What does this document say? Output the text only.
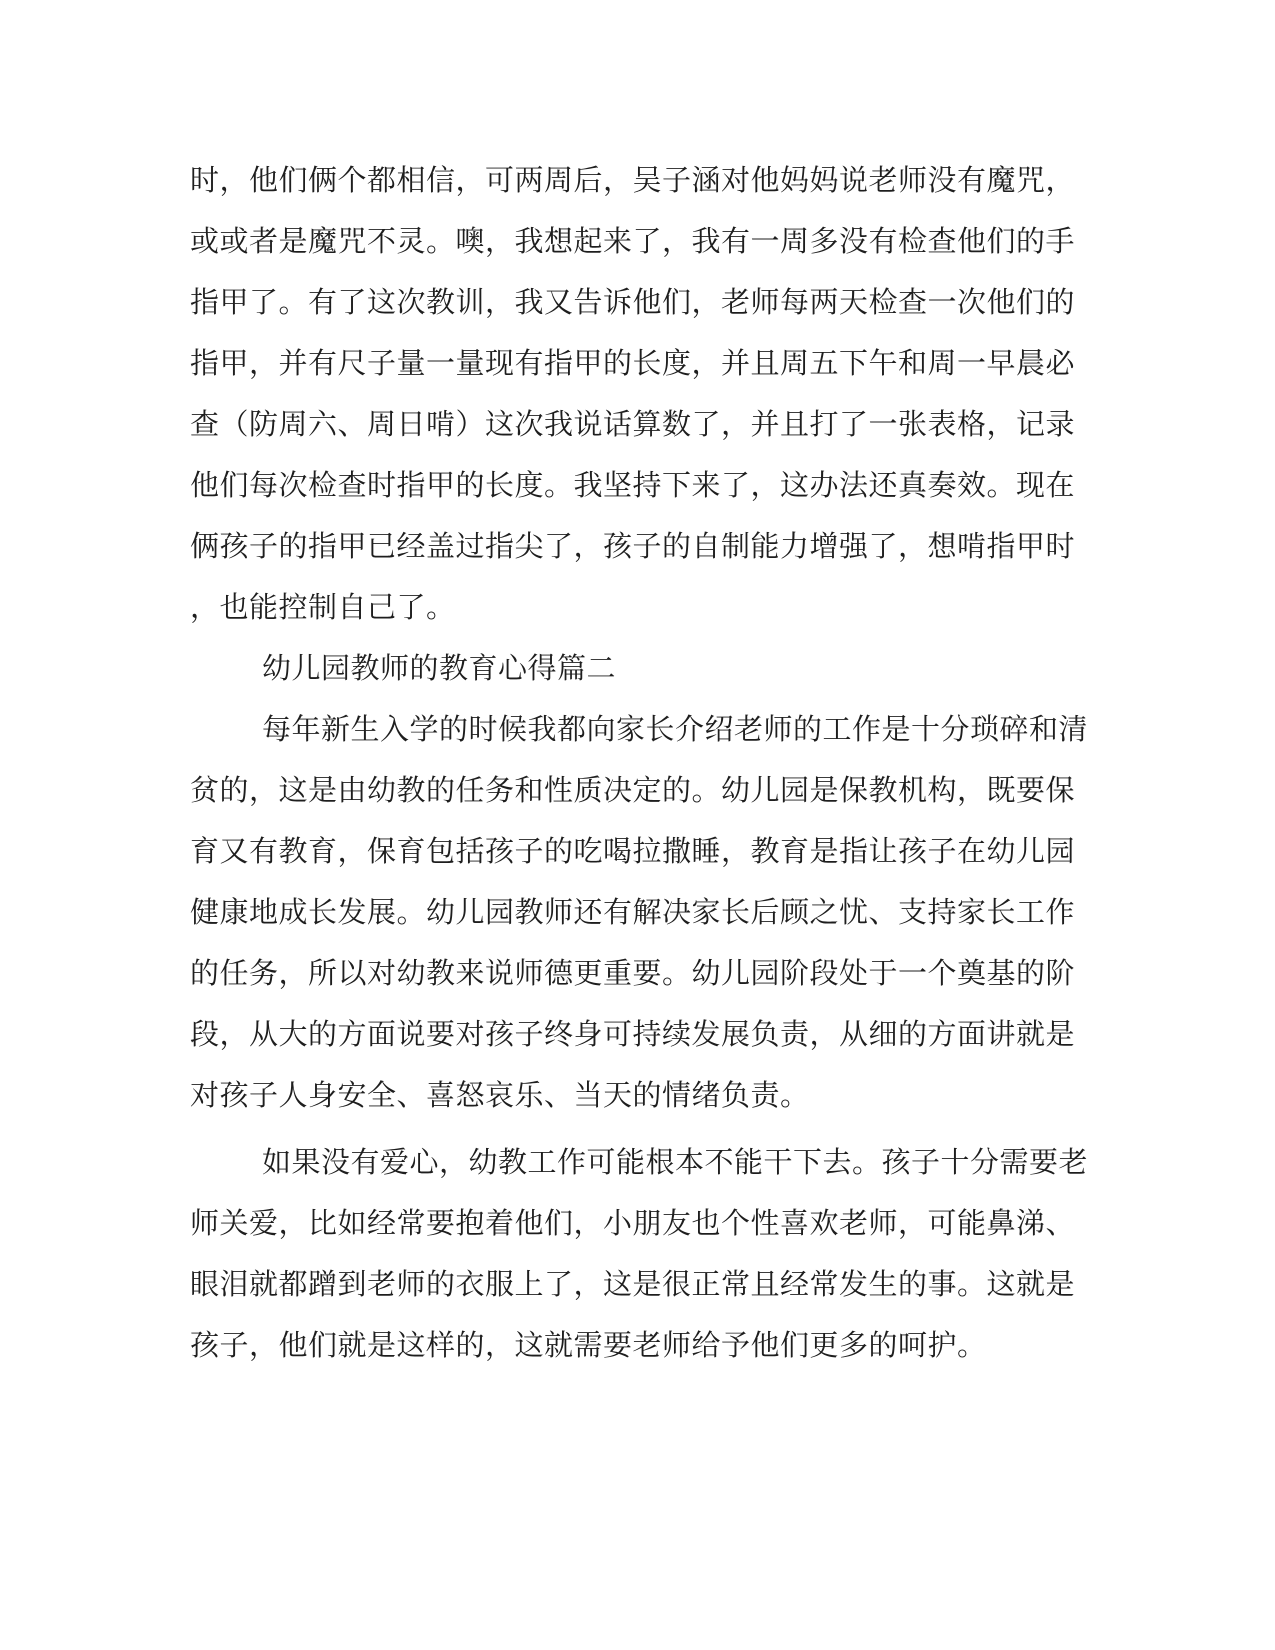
时，他们俩个都相信，可两周后，吴子涵对他妈妈说老师没有魔咒，
或或者是魔咒不灵。噢，我想起来了，我有一周多没有检查他们的手
指甲了。有了这次教训，我又告诉他们，老师每两天检查一次他们的
指甲，并有尺子量一量现有指甲的长度，并且周五下午和周一早晨必
查（防周六、周日啃）这次我说话算数了，并且打了一张表格，记录
他们每次检查时指甲的长度。我坚持下来了，这办法还真奏效。现在
俩孩子的指甲已经盖过指尖了，孩子的自制能力增强了，想啃指甲时
，也能控制自己了。
幼儿园教师的教育心得篇二
每年新生入学的时候我都向家长介绍老师的工作是十分琐碎和清
贫的，这是由幼教的任务和性质决定的。幼儿园是保教机构，既要保
育又有教育，保育包括孩子的吃喝拉撒睡，教育是指让孩子在幼儿园
健康地成长发展。幼儿园教师还有解决家长后顾之忧、支持家长工作
的任务，所以对幼教来说师德更重要。幼儿园阶段处于一个奠基的阶
段，从大的方面说要对孩子终身可持续发展负责，从细的方面讲就是
对孩子人身安全、喜怒哀乐、当天的情绪负责。
如果没有爱心，幼教工作可能根本不能干下去。孩子十分需要老
师关爱，比如经常要抱着他们，小朋友也个性喜欢老师，可能鼻涕、
眼泪就都蹭到老师的衣服上了，这是很正常且经常发生的事。这就是
孩子，他们就是这样的，这就需要老师给予他们更多的呵护。
